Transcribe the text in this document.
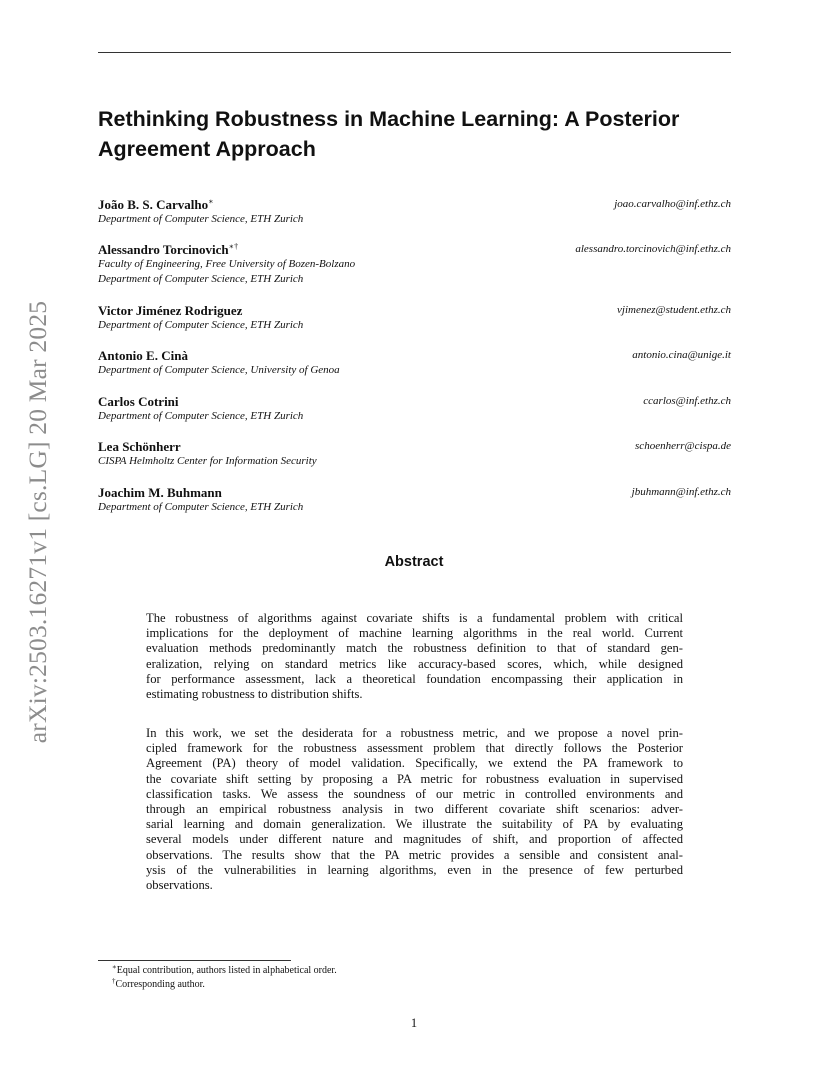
arXiv:2503.16271v1 [cs.LG] 20 Mar 2025
Rethinking Robustness in Machine Learning: A Posterior
Agreement Approach
João B. S. Carvalho∗	joao.carvalho@inf.ethz.ch
Department of Computer Science, ETH Zurich
Alessandro Torcinovich∗†	alessandro.torcinovich@inf.ethz.ch
Faculty of Engineering, Free University of Bozen-Bolzano
Department of Computer Science, ETH Zurich
Victor Jiménez Rodriguez	vjimenez@student.ethz.ch
Department of Computer Science, ETH Zurich
Antonio E. Cinà	antonio.cina@unige.it
Department of Computer Science, University of Genoa
Carlos Cotrini	ccarlos@inf.ethz.ch
Department of Computer Science, ETH Zurich
Lea Schönherr	schoenherr@cispa.de
CISPA Helmholtz Center for Information Security
Joachim M. Buhmann	jbuhmann@inf.ethz.ch
Department of Computer Science, ETH Zurich
Abstract

The robustness of algorithms against covariate shifts is a fundamental problem with critical
implications for the deployment of machine learning algorithms in the real world. Current
evaluation methods predominantly match the robustness definition to that of standard gen-
eralization, relying on standard metrics like accuracy-based scores, which, while designed
for performance assessment, lack a theoretical foundation encompassing their application in
estimating robustness to distribution shifts.

In this work, we set the desiderata for a robustness metric, and we propose a novel prin-
cipled framework for the robustness assessment problem that directly follows the Posterior
Agreement (PA) theory of model validation. Specifically, we extend the PA framework to
the covariate shift setting by proposing a PA metric for robustness evaluation in supervised
classification tasks. We assess the soundness of our metric in controlled environments and
through an empirical robustness analysis in two different covariate shift scenarios: adver-
sarial learning and domain generalization. We illustrate the suitability of PA by evaluating
several models under different nature and magnitudes of shift, and proportion of affected
observations. The results show that the PA metric provides a sensible and consistent anal-
ysis of the vulnerabilities in learning algorithms, even in the presence of few perturbed
observations.

∗Equal contribution, authors listed in alphabetical order.
†Corresponding author.
1
